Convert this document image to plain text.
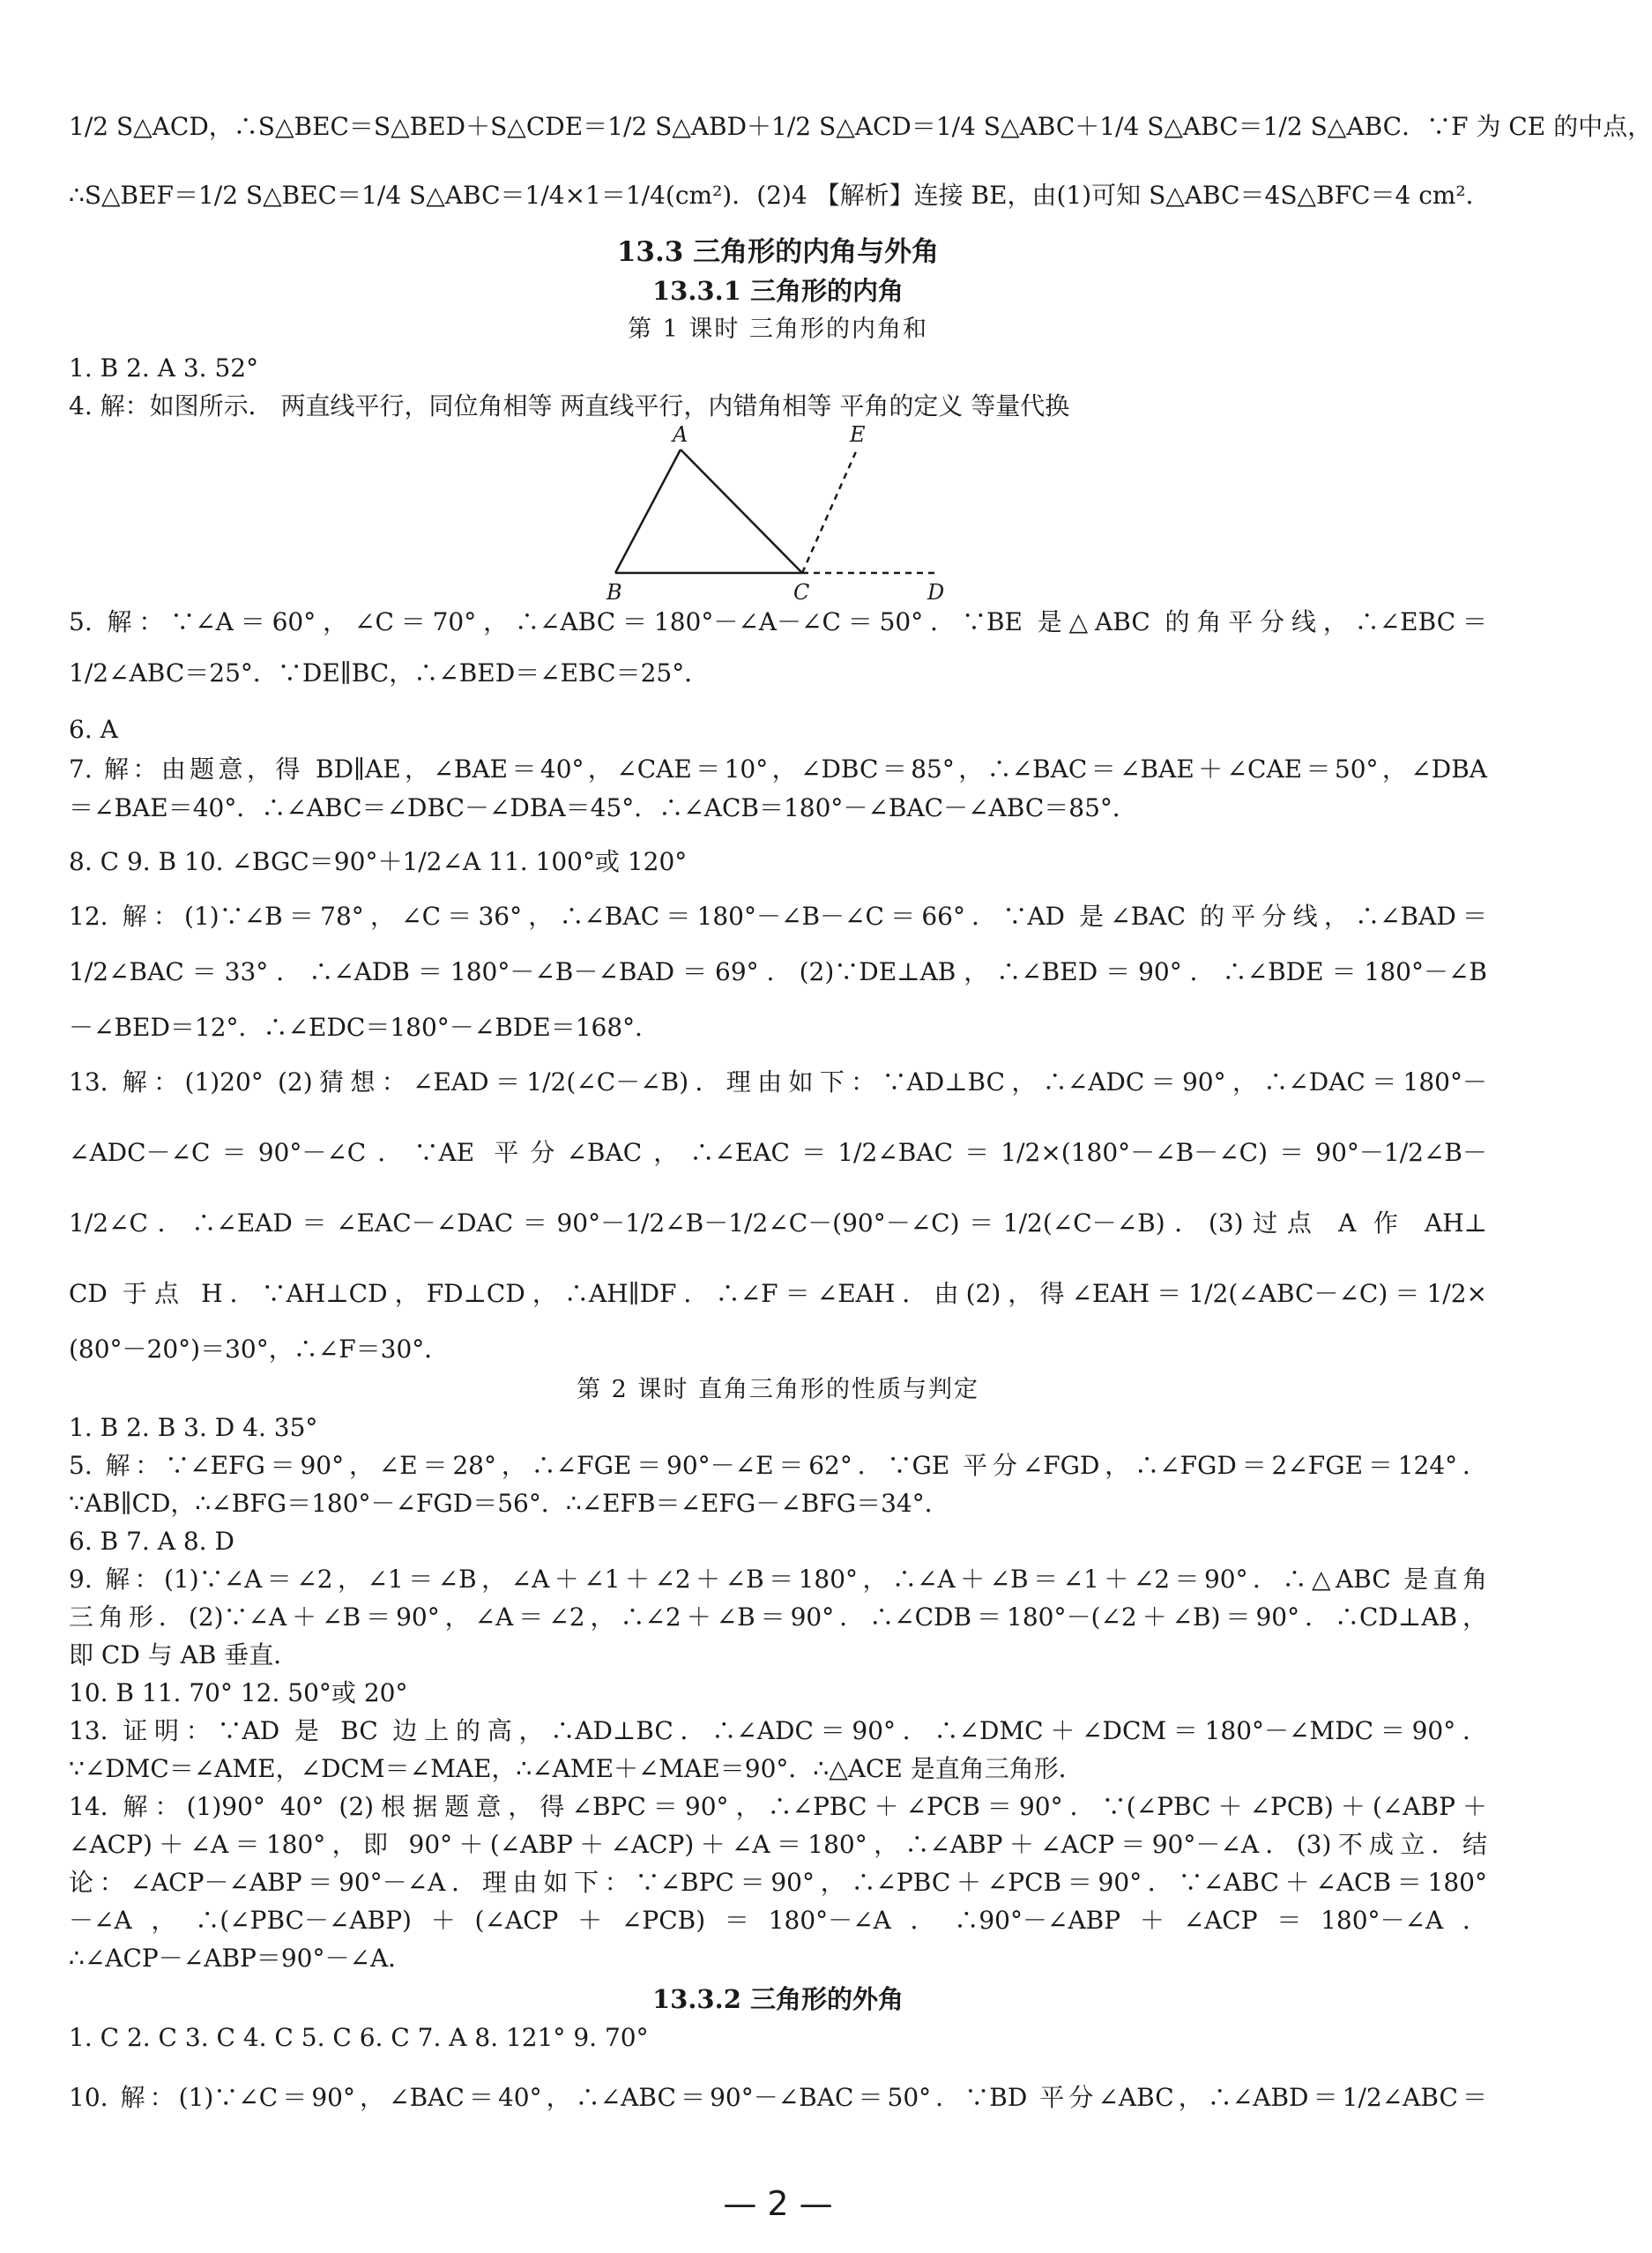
1/2 S△ACD，∴S△BEC＝S△BED＋S△CDE＝1/2 S△ABD＋1/2 S△ACD＝1/4 S△ABC＋1/4 S△ABC＝1/2 S△ABC．∵F 为 CE 的中点，
∴S△BEF＝1/2 S△BEC＝1/4 S△ABC＝1/4×1＝1/4(cm²)．(2)4 【解析】连接 BE，由(1)可知 S△ABC＝4S△BFC＝4 cm²．
13.3 三角形的内角与外角
13.3.1 三角形的内角
第 1 课时 三角形的内角和
1. B 2. A 3. 52°
4. 解：如图所示． 两直线平行，同位角相等 两直线平行，内错角相等 平角的定义 等量代换
A	E
B	C	D
5. 解：∵∠A＝60°，∠C＝70°，∴∠ABC＝180°－∠A－∠C＝50°．∵BE 是△ABC 的角平分线，∴∠EBC＝
1/2∠ABC＝25°．∵DE∥BC，∴∠BED＝∠EBC＝25°．
6. A
7. 解：由题意，得 BD∥AE，∠BAE＝40°，∠CAE＝10°，∠DBC＝85°，∴∠BAC＝∠BAE＋∠CAE＝50°，∠DBA
＝∠BAE＝40°．∴∠ABC＝∠DBC－∠DBA＝45°．∴∠ACB＝180°－∠BAC－∠ABC＝85°．
8. C 9. B 10. ∠BGC＝90°＋1/2∠A 11. 100°或 120°
12. 解：(1)∵∠B＝78°，∠C＝36°，∴∠BAC＝180°－∠B－∠C＝66°．∵AD 是∠BAC 的平分线，∴∠BAD＝
1/2∠BAC＝33°．∴∠ADB＝180°－∠B－∠BAD＝69°．(2)∵DE⊥AB，∴∠BED＝90°．∴∠BDE＝180°－∠B
－∠BED＝12°．∴∠EDC＝180°－∠BDE＝168°．
13. 解：(1)20° (2)猜想：∠EAD＝1/2(∠C－∠B)．理由如下：∵AD⊥BC，∴∠ADC＝90°，∴∠DAC＝180°－
∠ADC－∠C＝90°－∠C．∵AE 平分∠BAC，∴∠EAC＝1/2∠BAC＝1/2×(180°－∠B－∠C)＝90°－1/2∠B－
1/2∠C．∴∠EAD＝∠EAC－∠DAC＝90°－1/2∠B－1/2∠C－(90°－∠C)＝1/2(∠C－∠B)．(3)过点 A 作 AH⊥
CD 于点 H．∵AH⊥CD，FD⊥CD，∴AH∥DF．∴∠F＝∠EAH．由(2)，得∠EAH＝1/2(∠ABC－∠C)＝1/2×
(80°－20°)＝30°，∴∠F＝30°．
第 2 课时 直角三角形的性质与判定
1. B 2. B 3. D 4. 35°
5. 解：∵∠EFG＝90°，∠E＝28°，∴∠FGE＝90°－∠E＝62°．∵GE 平分∠FGD，∴∠FGD＝2∠FGE＝124°．
∵AB∥CD，∴∠BFG＝180°－∠FGD＝56°．∴∠EFB＝∠EFG－∠BFG＝34°．
6. B 7. A 8. D
9. 解：(1)∵∠A＝∠2，∠1＝∠B，∠A＋∠1＋∠2＋∠B＝180°，∴∠A＋∠B＝∠1＋∠2＝90°．∴△ABC 是直角
三角形．(2)∵∠A＋∠B＝90°，∠A＝∠2，∴∠2＋∠B＝90°．∴∠CDB＝180°－(∠2＋∠B)＝90°．∴CD⊥AB，
即 CD 与 AB 垂直．
10. B 11. 70° 12. 50°或 20°
13. 证明：∵AD 是 BC 边上的高，∴AD⊥BC．∴∠ADC＝90°．∴∠DMC＋∠DCM＝180°－∠MDC＝90°．
∵∠DMC＝∠AME，∠DCM＝∠MAE，∴∠AME＋∠MAE＝90°．∴△ACE 是直角三角形．
14. 解：(1)90° 40° (2)根据题意，得∠BPC＝90°，∴∠PBC＋∠PCB＝90°．∵(∠PBC＋∠PCB)＋(∠ABP＋
∠ACP)＋∠A＝180°，即 90°＋(∠ABP＋∠ACP)＋∠A＝180°，∴∠ABP＋∠ACP＝90°－∠A．(3)不成立．结
论：∠ACP－∠ABP＝90°－∠A．理由如下：∵∠BPC＝90°，∴∠PBC＋∠PCB＝90°．∵∠ABC＋∠ACB＝180°
－∠A，∴(∠PBC－∠ABP)＋(∠ACP＋∠PCB)＝180°－∠A．∴90°－∠ABP＋∠ACP＝180°－∠A．
∴∠ACP－∠ABP＝90°－∠A．
13.3.2 三角形的外角
1. C 2. C 3. C 4. C 5. C 6. C 7. A 8. 121° 9. 70°
10. 解：(1)∵∠C＝90°，∠BAC＝40°，∴∠ABC＝90°－∠BAC＝50°．∵BD 平分∠ABC，∴∠ABD＝1/2∠ABC＝
— 2 —
